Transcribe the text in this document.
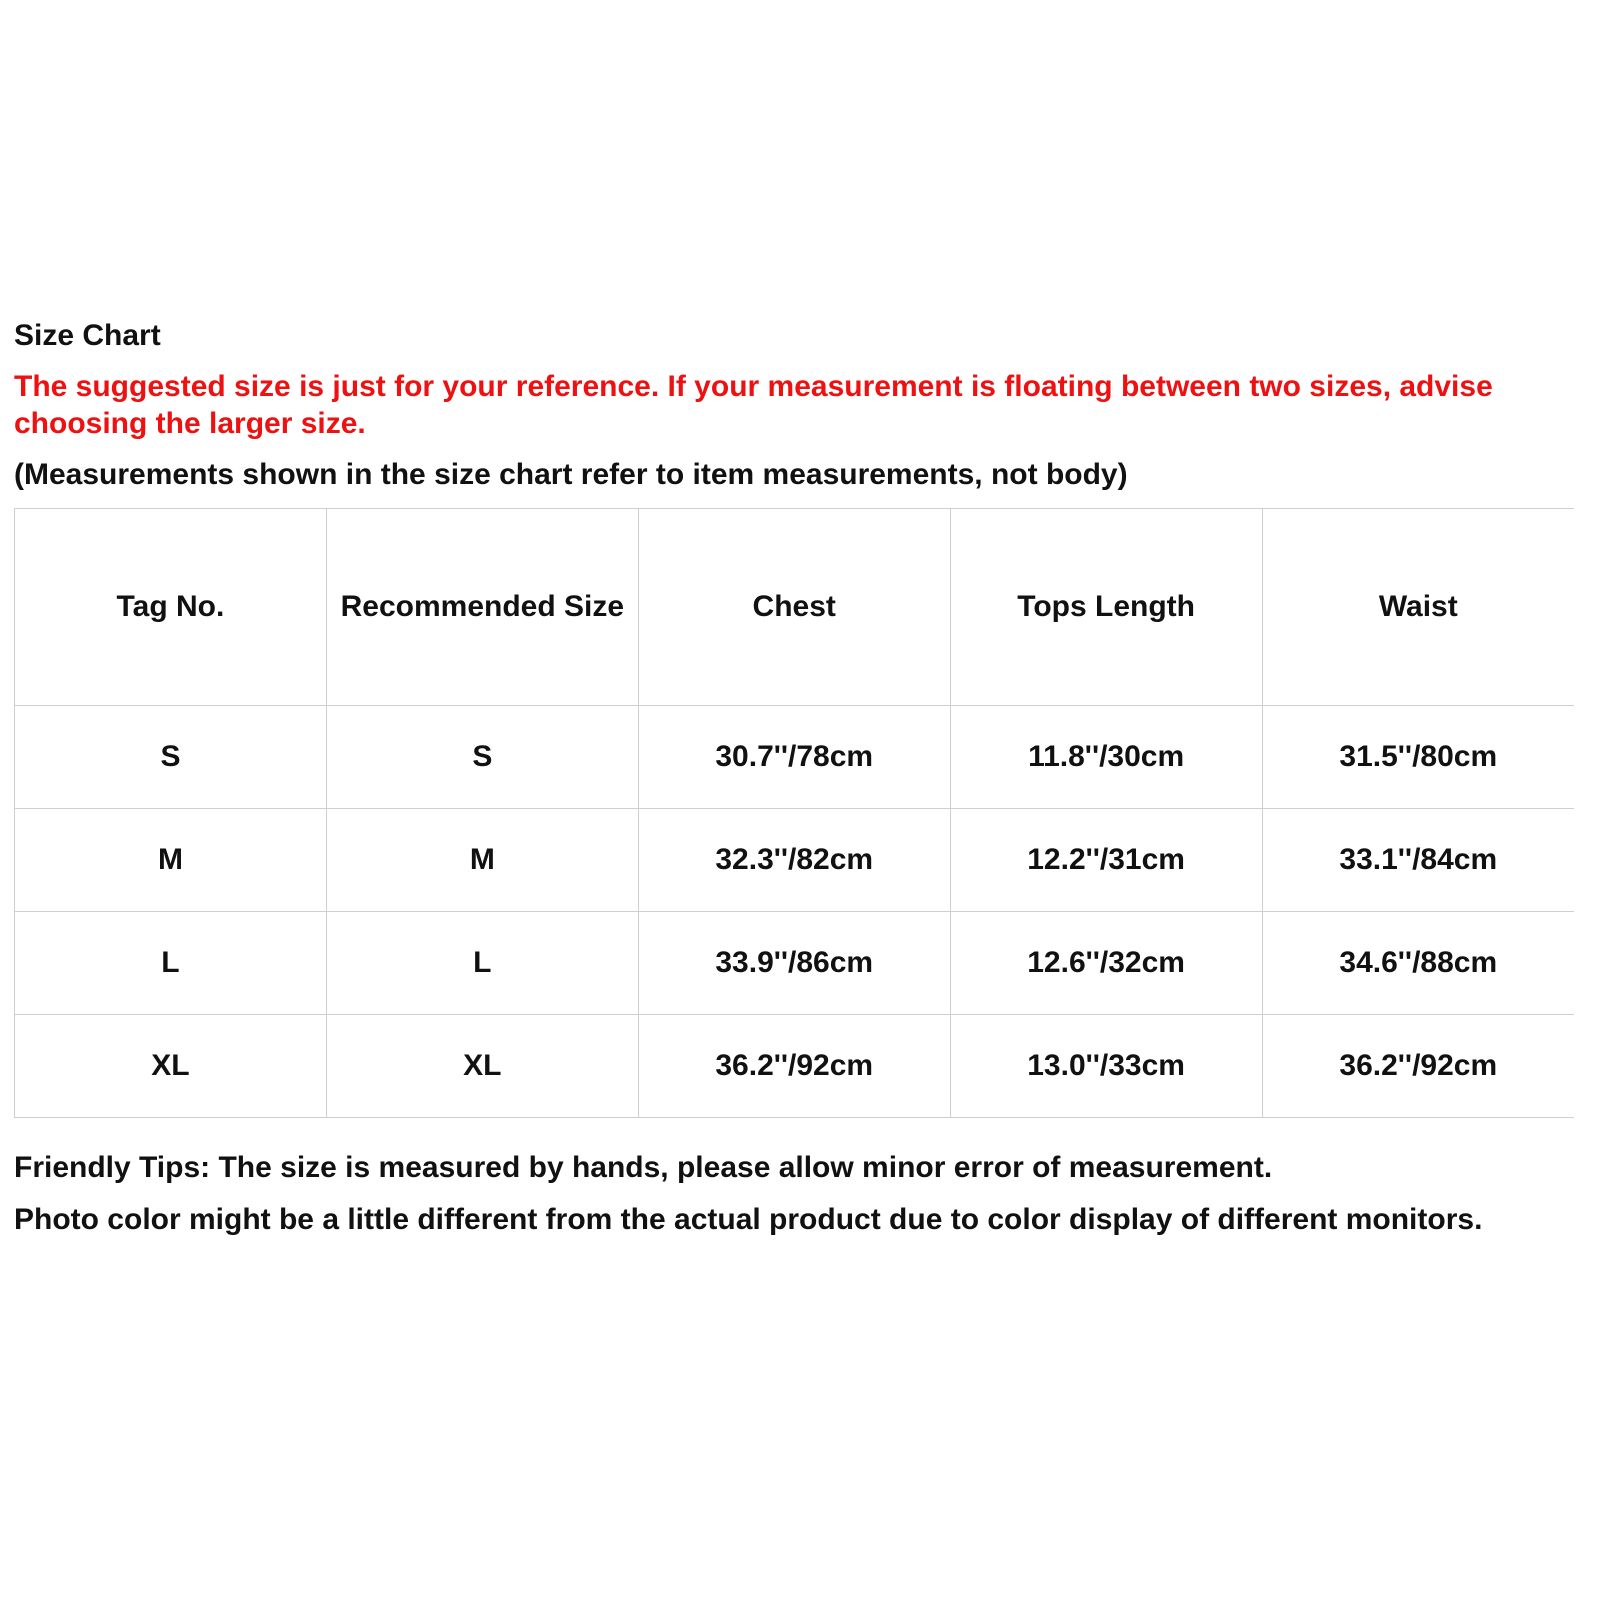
Size Chart
The suggested size is just for your reference. If your measurement is floating between two sizes, advise choosing the larger size.
(Measurements shown in the size chart refer to item measurements, not body)
Tag No.	Recommended Size	Chest	Tops Length	Waist
S	S	30.7''/78cm	11.8''/30cm	31.5''/80cm
M	M	32.3''/82cm	12.2''/31cm	33.1''/84cm
L	L	33.9''/86cm	12.6''/32cm	34.6''/88cm
XL	XL	36.2''/92cm	13.0''/33cm	36.2''/92cm
Friendly Tips: The size is measured by hands, please allow minor error of measurement.
Photo color might be a little different from the actual product due to color display of different monitors.
